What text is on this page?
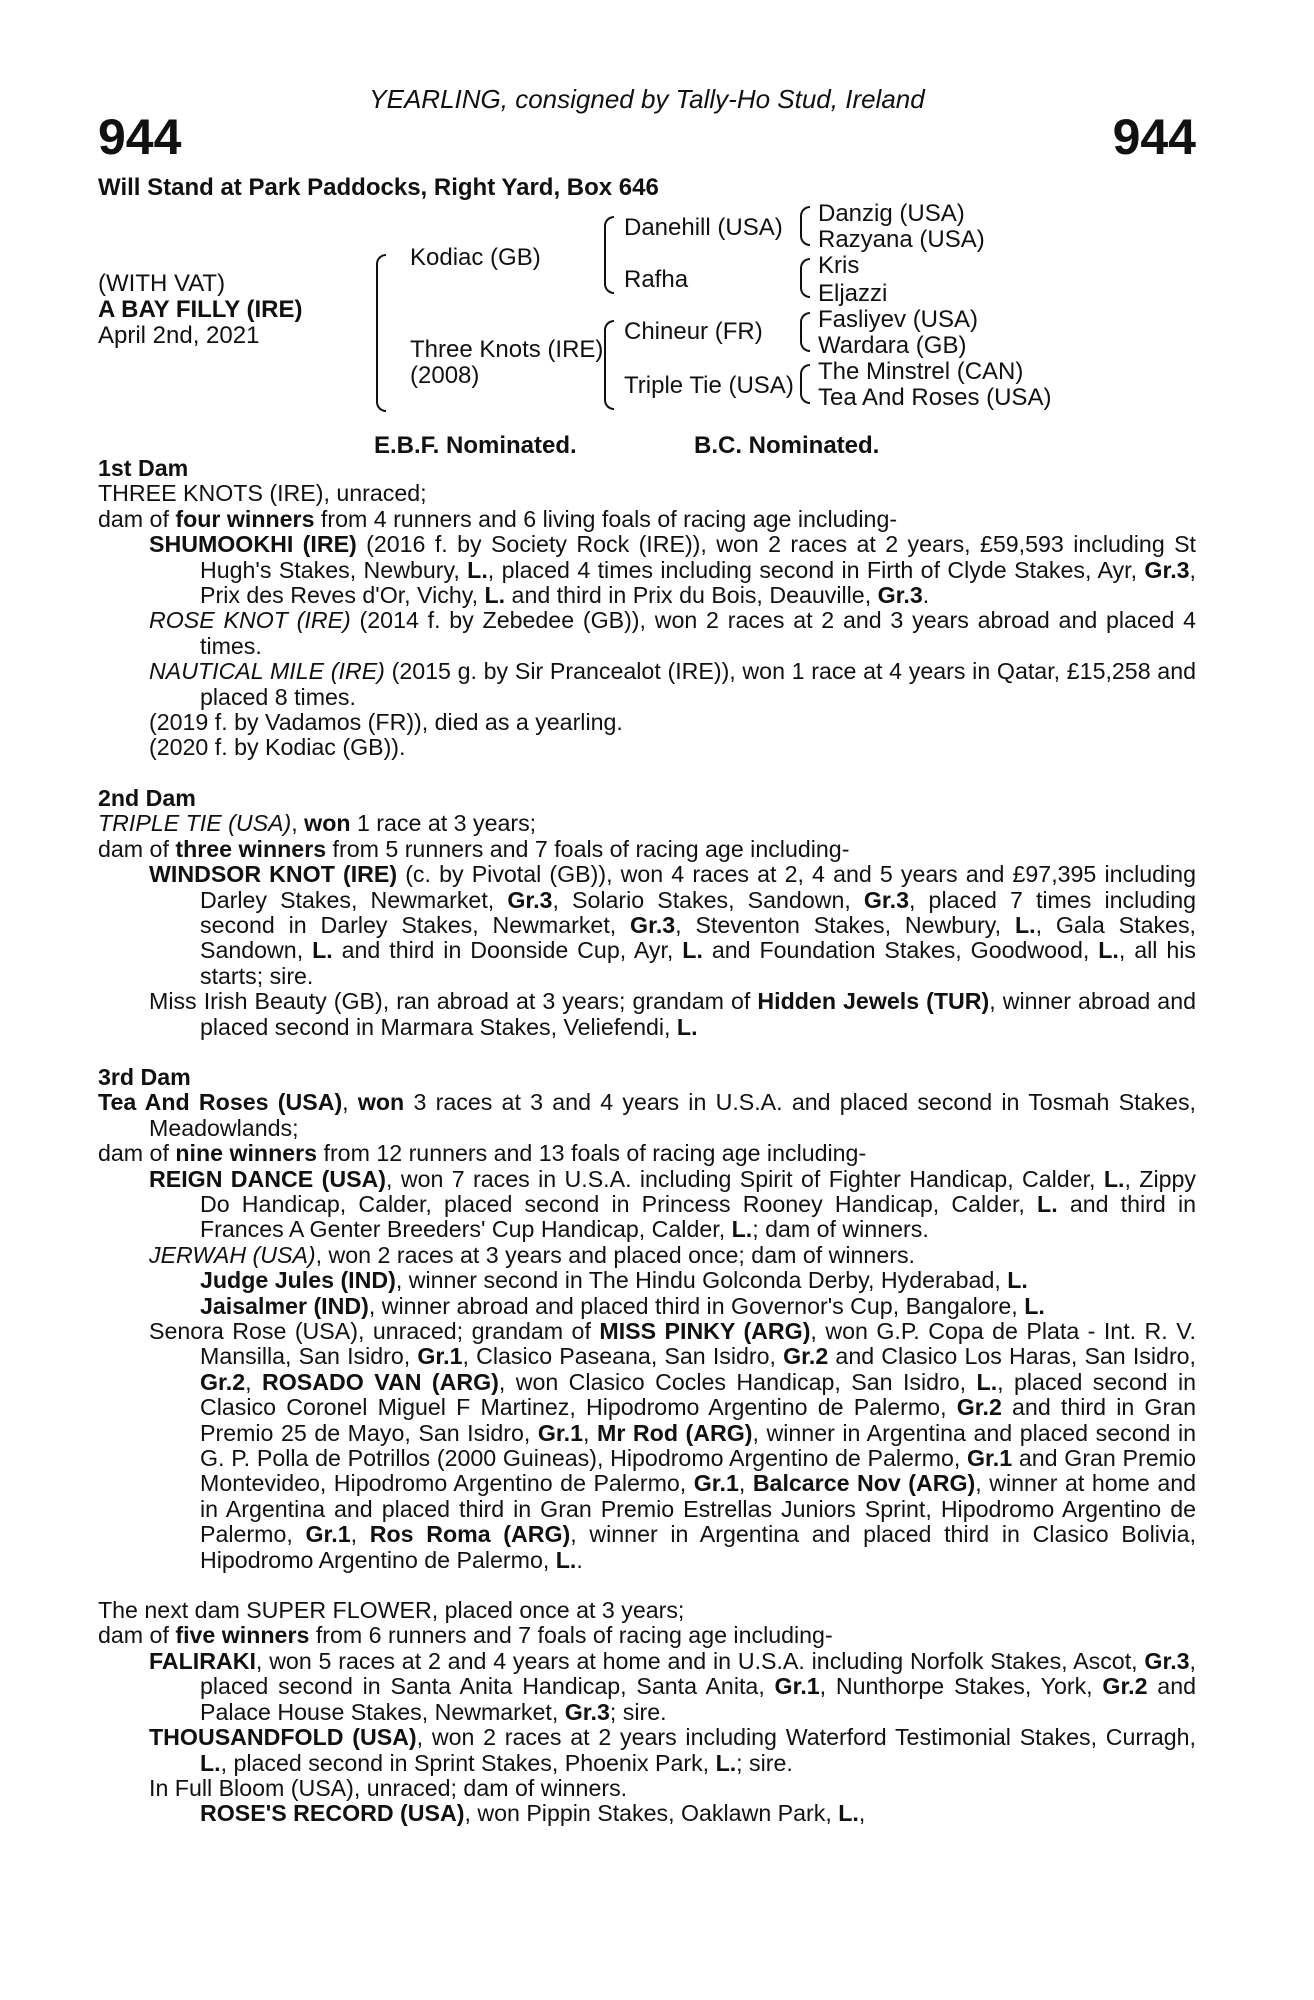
YEARLING, consigned by Tally-Ho Stud, Ireland
944	944
Will Stand at Park Paddocks, Right Yard, Box 646
(WITH VAT)
A BAY FILLY (IRE)
April 2nd, 2021
Kodiac (GB)
Three Knots (IRE)
(2008)
Danehill (USA)
Rafha
Chineur (FR)
Triple Tie (USA)
Danzig (USA)
Razyana (USA)
Kris
Eljazzi
Fasliyev (USA)
Wardara (GB)
The Minstrel (CAN)
Tea And Roses (USA)
E.B.F. Nominated.	B.C. Nominated.
1st Dam
THREE KNOTS (IRE), unraced;
dam of four winners from 4 runners and 6 living foals of racing age including-
SHUMOOKHI (IRE) (2016 f. by Society Rock (IRE)), won 2 races at 2 years, £59,593 including St Hugh's Stakes, Newbury, L., placed 4 times including second in Firth of Clyde Stakes, Ayr, Gr.3, Prix des Reves d'Or, Vichy, L. and third in Prix du Bois, Deauville, Gr.3.
ROSE KNOT (IRE) (2014 f. by Zebedee (GB)), won 2 races at 2 and 3 years abroad and placed 4 times.
NAUTICAL MILE (IRE) (2015 g. by Sir Prancealot (IRE)), won 1 race at 4 years in Qatar, £15,258 and placed 8 times.
(2019 f. by Vadamos (FR)), died as a yearling.
(2020 f. by Kodiac (GB)).
2nd Dam
TRIPLE TIE (USA), won 1 race at 3 years;
dam of three winners from 5 runners and 7 foals of racing age including-
WINDSOR KNOT (IRE) (c. by Pivotal (GB)), won 4 races at 2, 4 and 5 years and £97,395 including Darley Stakes, Newmarket, Gr.3, Solario Stakes, Sandown, Gr.3, placed 7 times including second in Darley Stakes, Newmarket, Gr.3, Steventon Stakes, Newbury, L., Gala Stakes, Sandown, L. and third in Doonside Cup, Ayr, L. and Foundation Stakes, Goodwood, L., all his starts; sire.
Miss Irish Beauty (GB), ran abroad at 3 years; grandam of Hidden Jewels (TUR), winner abroad and placed second in Marmara Stakes, Veliefendi, L.
3rd Dam
Tea And Roses (USA), won 3 races at 3 and 4 years in U.S.A. and placed second in Tosmah Stakes, Meadowlands;
dam of nine winners from 12 runners and 13 foals of racing age including-
REIGN DANCE (USA), won 7 races in U.S.A. including Spirit of Fighter Handicap, Calder, L., Zippy Do Handicap, Calder, placed second in Princess Rooney Handicap, Calder, L. and third in Frances A Genter Breeders' Cup Handicap, Calder, L.; dam of winners.
JERWAH (USA), won 2 races at 3 years and placed once; dam of winners.
Judge Jules (IND), winner second in The Hindu Golconda Derby, Hyderabad, L.
Jaisalmer (IND), winner abroad and placed third in Governor's Cup, Bangalore, L.
Senora Rose (USA), unraced; grandam of MISS PINKY (ARG), won G.P. Copa de Plata - Int. R. V. Mansilla, San Isidro, Gr.1, Clasico Paseana, San Isidro, Gr.2 and Clasico Los Haras, San Isidro, Gr.2, ROSADO VAN (ARG), won Clasico Cocles Handicap, San Isidro, L., placed second in Clasico Coronel Miguel F Martinez, Hipodromo Argentino de Palermo, Gr.2 and third in Gran Premio 25 de Mayo, San Isidro, Gr.1, Mr Rod (ARG), winner in Argentina and placed second in G. P. Polla de Potrillos (2000 Guineas), Hipodromo Argentino de Palermo, Gr.1 and Gran Premio Montevideo, Hipodromo Argentino de Palermo, Gr.1, Balcarce Nov (ARG), winner at home and in Argentina and placed third in Gran Premio Estrellas Juniors Sprint, Hipodromo Argentino de Palermo, Gr.1, Ros Roma (ARG), winner in Argentina and placed third in Clasico Bolivia, Hipodromo Argentino de Palermo, L..
The next dam SUPER FLOWER, placed once at 3 years;
dam of five winners from 6 runners and 7 foals of racing age including-
FALIRAKI, won 5 races at 2 and 4 years at home and in U.S.A. including Norfolk Stakes, Ascot, Gr.3, placed second in Santa Anita Handicap, Santa Anita, Gr.1, Nunthorpe Stakes, York, Gr.2 and Palace House Stakes, Newmarket, Gr.3; sire.
THOUSANDFOLD (USA), won 2 races at 2 years including Waterford Testimonial Stakes, Curragh, L., placed second in Sprint Stakes, Phoenix Park, L.; sire.
In Full Bloom (USA), unraced; dam of winners.
ROSE'S RECORD (USA), won Pippin Stakes, Oaklawn Park, L.,
